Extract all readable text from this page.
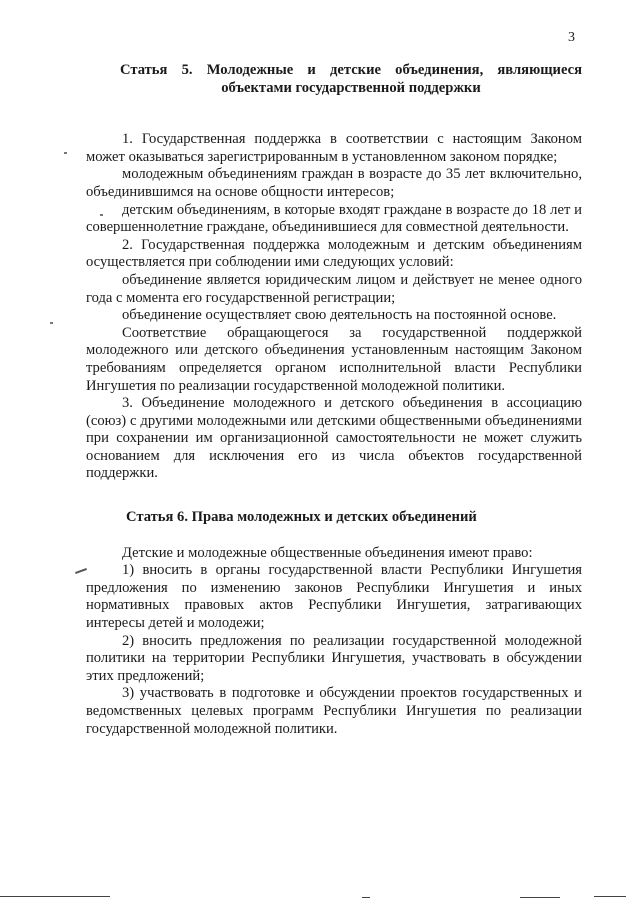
3

Статья 5. Молодежные и детские объединения, являющиеся объектами государственной поддержки

1. Государственная поддержка в соответствии с настоящим Законом может оказываться зарегистрированным в установленном законом порядке;

молодежным объединениям граждан в возрасте до 35 лет включительно, объединившимся на основе общности интересов;

детским объединениям, в которые входят граждане в возрасте до 18 лет и совершеннолетние граждане, объединившиеся для совместной деятельности.

2. Государственная поддержка молодежным и детским объединениям осуществляется при соблюдении ими следующих условий:

объединение является юридическим лицом и действует не менее одного года с момента его государственной регистрации;

объединение осуществляет свою деятельность на постоянной основе.

Соответствие обращающегося за государственной поддержкой молодежного или детского объединения установленным настоящим Законом требованиям определяется органом исполнительной власти Республики Ингушетия по реализации государственной молодежной политики.

3. Объединение молодежного и детского объединения в ассоциацию (союз) с другими молодежными или детскими общественными объединениями при сохранении им организационной самостоятельности не может служить основанием для исключения его из числа объектов государственной поддержки.

Статья 6. Права молодежных и детских объединений

Детские и молодежные общественные объединения имеют право:

1) вносить в органы государственной власти Республики Ингушетия предложения по изменению законов Республики Ингушетия и иных нормативных правовых актов Республики Ингушетия, затрагивающих интересы детей и молодежи;

2) вносить предложения по реализации государственной молодежной политики на территории Республики Ингушетия, участвовать в обсуждении этих предложений;

3) участвовать в подготовке и обсуждении проектов государственных и ведомственных целевых программ Республики Ингушетия по реализации государственной молодежной политики.
